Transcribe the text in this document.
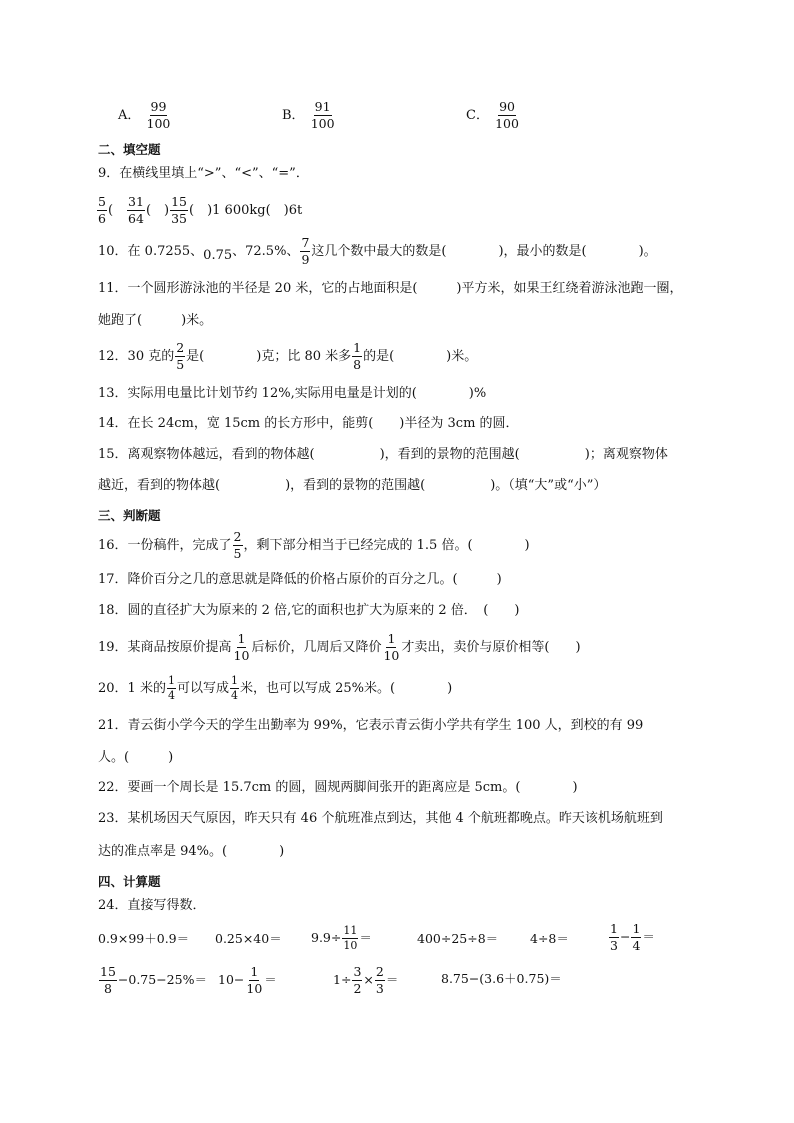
A． $\frac{99}{100}$	B． $\frac{91}{100}$	C． $\frac{90}{100}$
二、填空题
9．在横线里填上“>”、“<”、“=”．
$\frac{5}{6}$ (　 $\frac{31}{64}$ (　) $\frac{15}{35}$ (　)1 600kg(　 )6t
10．在 0.7255、0.75、72.5%、 $\frac{7}{9}$ 这几个数中最大的数是(　　　　)，最小的数是(　　　　)。
11．一个圆形游泳池的半径是 20 米，它的占地面积是(　　　)平方米，如果王红绕着游泳池跑一圈，
她跑了(　　　)米。
12．30 克的 $\frac{2}{5}$ 是(　　　　)克；比 80 米多 $\frac{1}{8}$ 的是(　　　　)米。
13．实际用电量比计划节约 12%,实际用电量是计划的(　　　　)%
14．在长 24cm，宽 15cm 的长方形中，能剪(　　)半径为 3cm 的圆．
15．离观察物体越远，看到的物体越(　　　　　)，看到的景物的范围越(　　　　　)；离观察物体
越近，看到的物体越(　　　　　)，看到的景物的范围越(　　　　　)。（填“大”或“小”）
三、判断题
16．一份稿件，完成了 $\frac{2}{5}$ ，剩下部分相当于已经完成的 1.5 倍。(　　　　)
17．降价百分之几的意思就是降低的价格占原价的百分之几。(　　　)
18．圆的直径扩大为原来的 2 倍,它的面积也扩大为原来的 2 倍．　(　　)
19．某商品按原价提高 $\frac{1}{10}$ 后标价，几周后又降价 $\frac{1}{10}$ 才卖出，卖价与原价相等(　　)
20．1 米的 $\frac{1}{4}$ 可以写成 $\frac{1}{4}$ 米，也可以写成 25%米。(　　　　)
21．青云街小学今天的学生出勤率为 99%，它表示青云街小学共有学生 100 人，到校的有 99
人。(　　　)
22．要画一个周长是 15.7cm 的圆，圆规两脚间张开的距离应是 5cm。(　　　　)
23．某机场因天气原因，昨天只有 46 个航班准点到达，其他 4 个航班都晚点。昨天该机场航班到
达的准点率是 94%。(　　　　)
四、计算题
24．直接写得数．
$0.9\times 99+0.9= 0.25\times 40= 9.9\div \frac{11}{10}$ ＝	400÷25÷8＝	4÷8＝	$\frac{1}{3} - \frac{1}{4}$ ＝
$\frac{15}{8} -0.75-25\%= 10- \frac{1}{10}$ ＝	$1\div \frac{3}{2} \times \frac{2}{3}$ ＝	8.75−(3.6＋0.75)＝
